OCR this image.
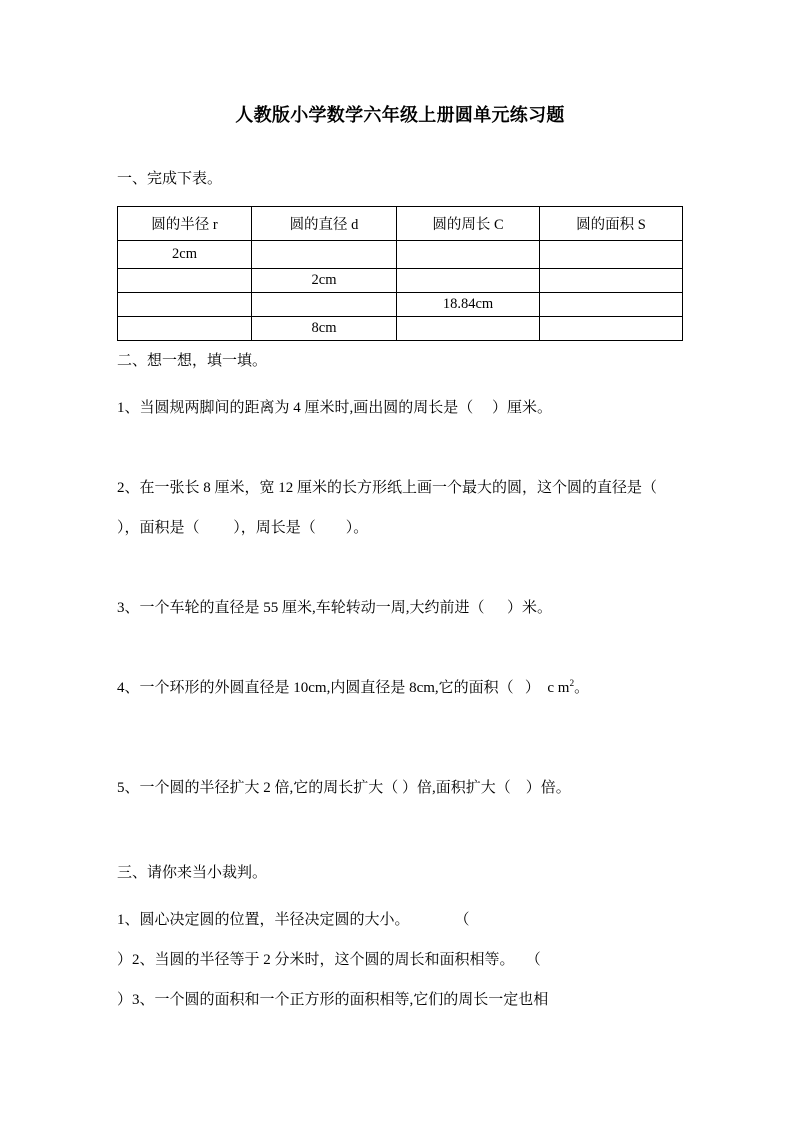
人教版小学数学六年级上册圆单元练习题
一、完成下表。
圆的半径 r	圆的直径 d	圆的周长 C	圆的面积 S
2cm			
	2cm		
		18.84cm	
	8cm		
二、想一想，填一填。
1、当圆规两脚间的距离为 4 厘米时,画出圆的周长是（     ）厘米。
2、在一张长 8 厘米，宽 12 厘米的长方形纸上画一个最大的圆，这个圆的直径是（        ），面积是（         ），周长是（        ）。
3、一个车轮的直径是 55 厘米,车轮转动一周,大约前进（      ）米。
4、一个环形的外圆直径是 10cm,内圆直径是 8cm,它的面积（   ）  c $m^2$。
5、一个圆的半径扩大 2 倍,它的周长扩大（ ）倍,面积扩大（    ）倍。
三、请你来当小裁判。
1、圆心决定圆的位置，半径决定圆的大小。            （
）2、当圆的半径等于 2 分米时，这个圆的周长和面积相等。   （
）3、一个圆的面积和一个正方形的面积相等,它们的周长一定也相
